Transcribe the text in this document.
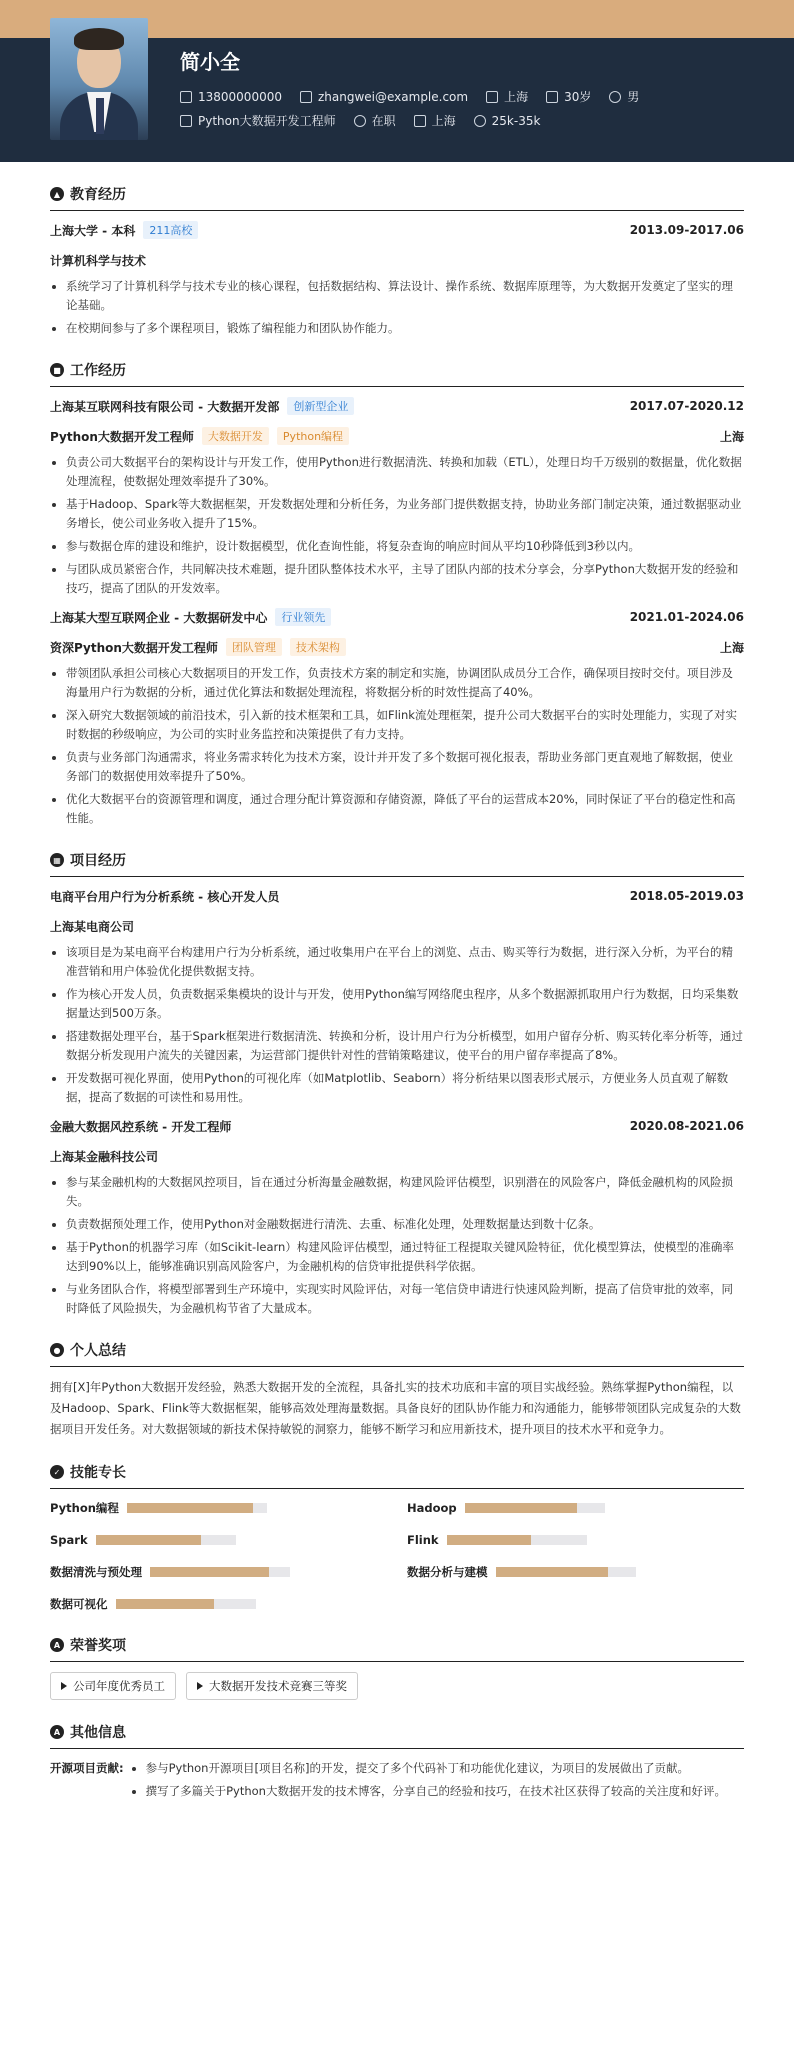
简小全
13800000000	zhangwei@example.com	上海	30岁	男
Python大数据开发工程师	在职	上海	25k-35k
▲ 教育经历
上海大学 - 本科	211高校	2013.09-2017.06
计算机科学与技术
• 系统学习了计算机科学与技术专业的核心课程，包括数据结构、算法设计、操作系统、数据库原理等，为大数据开发奠定了坚实的理论基础。
• 在校期间参与了多个课程项目，锻炼了编程能力和团队协作能力。
■ 工作经历
上海某互联网科技有限公司 - 大数据开发部	创新型企业	2017.07-2020.12
Python大数据开发工程师	大数据开发	Python编程	上海
• 负责公司大数据平台的架构设计与开发工作，使用Python进行数据清洗、转换和加载（ETL），处理日均千万级别的数据量，优化数据处理流程，使数据处理效率提升了30%。
• 基于Hadoop、Spark等大数据框架，开发数据处理和分析任务，为业务部门提供数据支持，协助业务部门制定决策，通过数据驱动业务增长，使公司业务收入提升了15%。
• 参与数据仓库的建设和维护，设计数据模型，优化查询性能，将复杂查询的响应时间从平均10秒降低到3秒以内。
• 与团队成员紧密合作，共同解决技术难题，提升团队整体技术水平，主导了团队内部的技术分享会，分享Python大数据开发的经验和技巧，提高了团队的开发效率。
上海某大型互联网企业 - 大数据研发中心	行业领先	2021.01-2024.06
资深Python大数据开发工程师	团队管理	技术架构	上海
• 带领团队承担公司核心大数据项目的开发工作，负责技术方案的制定和实施，协调团队成员分工合作，确保项目按时交付。项目涉及海量用户行为数据的分析，通过优化算法和数据处理流程，将数据分析的时效性提高了40%。
• 深入研究大数据领域的前沿技术，引入新的技术框架和工具，如Flink流处理框架，提升公司大数据平台的实时处理能力，实现了对实时数据的秒级响应，为公司的实时业务监控和决策提供了有力支持。
• 负责与业务部门沟通需求，将业务需求转化为技术方案，设计并开发了多个数据可视化报表，帮助业务部门更直观地了解数据，使业务部门的数据使用效率提升了50%。
• 优化大数据平台的资源管理和调度，通过合理分配计算资源和存储资源，降低了平台的运营成本20%，同时保证了平台的稳定性和高性能。
▦ 项目经历
电商平台用户行为分析系统 - 核心开发人员	2018.05-2019.03
上海某电商公司
• 该项目是为某电商平台构建用户行为分析系统，通过收集用户在平台上的浏览、点击、购买等行为数据，进行深入分析，为平台的精准营销和用户体验优化提供数据支持。
• 作为核心开发人员，负责数据采集模块的设计与开发，使用Python编写网络爬虫程序，从多个数据源抓取用户行为数据，日均采集数据量达到500万条。
• 搭建数据处理平台，基于Spark框架进行数据清洗、转换和分析，设计用户行为分析模型，如用户留存分析、购买转化率分析等，通过数据分析发现用户流失的关键因素，为运营部门提供针对性的营销策略建议，使平台的用户留存率提高了8%。
• 开发数据可视化界面，使用Python的可视化库（如Matplotlib、Seaborn）将分析结果以图表形式展示，方便业务人员直观了解数据，提高了数据的可读性和易用性。
金融大数据风控系统 - 开发工程师	2020.08-2021.06
上海某金融科技公司
• 参与某金融机构的大数据风控项目，旨在通过分析海量金融数据，构建风险评估模型，识别潜在的风险客户，降低金融机构的风险损失。
• 负责数据预处理工作，使用Python对金融数据进行清洗、去重、标准化处理，处理数据量达到数十亿条。
• 基于Python的机器学习库（如Scikit-learn）构建风险评估模型，通过特征工程提取关键风险特征，优化模型算法，使模型的准确率达到90%以上，能够准确识别高风险客户，为金融机构的信贷审批提供科学依据。
• 与业务团队合作，将模型部署到生产环境中，实现实时风险评估，对每一笔信贷申请进行快速风险判断，提高了信贷审批的效率，同时降低了风险损失，为金融机构节省了大量成本。
● 个人总结
拥有[X]年Python大数据开发经验，熟悉大数据开发的全流程，具备扎实的技术功底和丰富的项目实战经验。熟练掌握Python编程，以及Hadoop、Spark、Flink等大数据框架，能够高效处理海量数据。具备良好的团队协作能力和沟通能力，能够带领团队完成复杂的大数据项目开发任务。对大数据领域的新技术保持敏锐的洞察力，能够不断学习和应用新技术，提升项目的技术水平和竞争力。
✓ 技能专长
Python编程	Hadoop
Spark	Flink
数据清洗与预处理	数据分析与建模
数据可视化
A 荣誉奖项
公司年度优秀员工	大数据开发技术竞赛三等奖
A 其他信息
开源项目贡献:
• 参与Python开源项目[项目名称]的开发，提交了多个代码补丁和功能优化建议，为项目的发展做出了贡献。
• 撰写了多篇关于Python大数据开发的技术博客，分享自己的经验和技巧，在技术社区获得了较高的关注度和好评。
